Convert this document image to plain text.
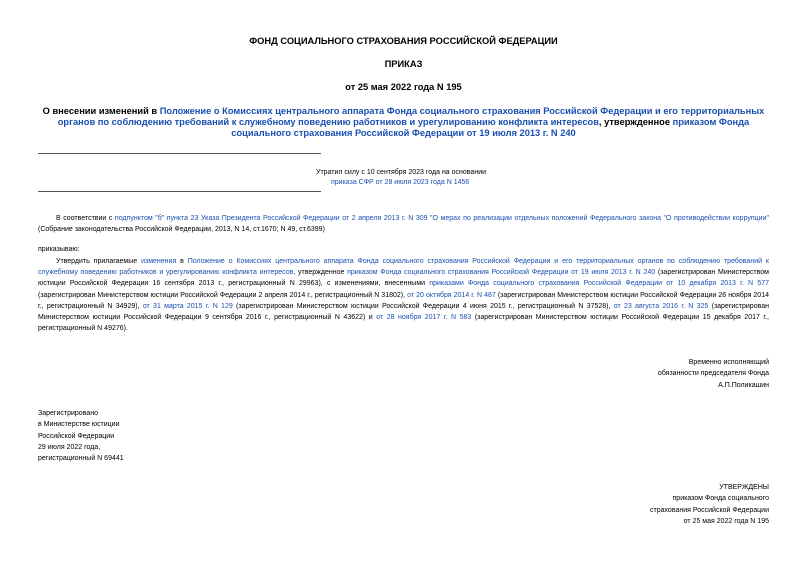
ФОНД СОЦИАЛЬНОГО СТРАХОВАНИЯ РОССИЙСКОЙ ФЕДЕРАЦИИ
ПРИКАЗ
от 25 мая 2022 года N 195
О внесении изменений в Положение о Комиссиях центрального аппарата Фонда социального страхования Российской Федерации и его территориальных органов по соблюдению требований к служебному поведению работников и урегулированию конфликта интересов, утвержденное приказом Фонда социального страхования Российской Федерации от 19 июля 2013 г. N 240
Утратил силу с 10 сентября 2023 года на основании
приказа СФР от 28 июля 2023 года N 1456
В соответствии с подпунктом "б" пункта 23 Указа Президента Российской Федерации от 2 апреля 2013 г. N 309 "О мерах по реализации отдельных положений Федерального закона "О противодействии коррупции" (Собрание законодательства Российской Федерации, 2013, N 14, ст.1670; N 49, ст.6399)
приказываю:
Утвердить прилагаемые изменения в Положение о Комиссиях центрального аппарата Фонда социального страхования Российской Федерации и его территориальных органов по соблюдению требований к служебному поведению работников и урегулированию конфликта интересов, утвержденное приказом Фонда социального страхования Российской Федерации от 19 июля 2013 г. N 240 (зарегистрирован Министерством юстиции Российской Федерации 16 сентября 2013 г., регистрационный N 29963), с изменениями, внесенными приказами Фонда социального страхования Российской Федерации от 10 декабря 2013 г. N 577 (зарегистрирован Министерством юстиции Российской Федерации 2 апреля 2014 г., регистрационный N 31802), от 20 октября 2014 г. N 487 (зарегистрирован Министерством юстиции Российской Федерации 26 ноября 2014 г., регистрационный N 34929), от 31 марта 2015 г. N 129 (зарегистрирован Министерством юстиции Российской Федерации 4 июня 2015 г., регистрационный N 37528), от 23 августа 2016 г. N 325 (зарегистрирован Министерством юстиции Российской Федерации 9 сентября 2016 г., регистрационный N 43622) и от 28 ноября 2017 г. N 583 (зарегистрирован Министерством юстиции Российской Федерации 15 декабря 2017 г., регистрационный N 49276).
Временно исполняющий
обязанности председателя Фонда
А.П.Поликашин
Зарегистрировано
в Министерстве юстиции
Российской Федерации
29 июля 2022 года,
регистрационный N 69441
УТВЕРЖДЕНЫ
приказом Фонда социального
страхования Российской Федерации
от 25 мая 2022 года N 195
